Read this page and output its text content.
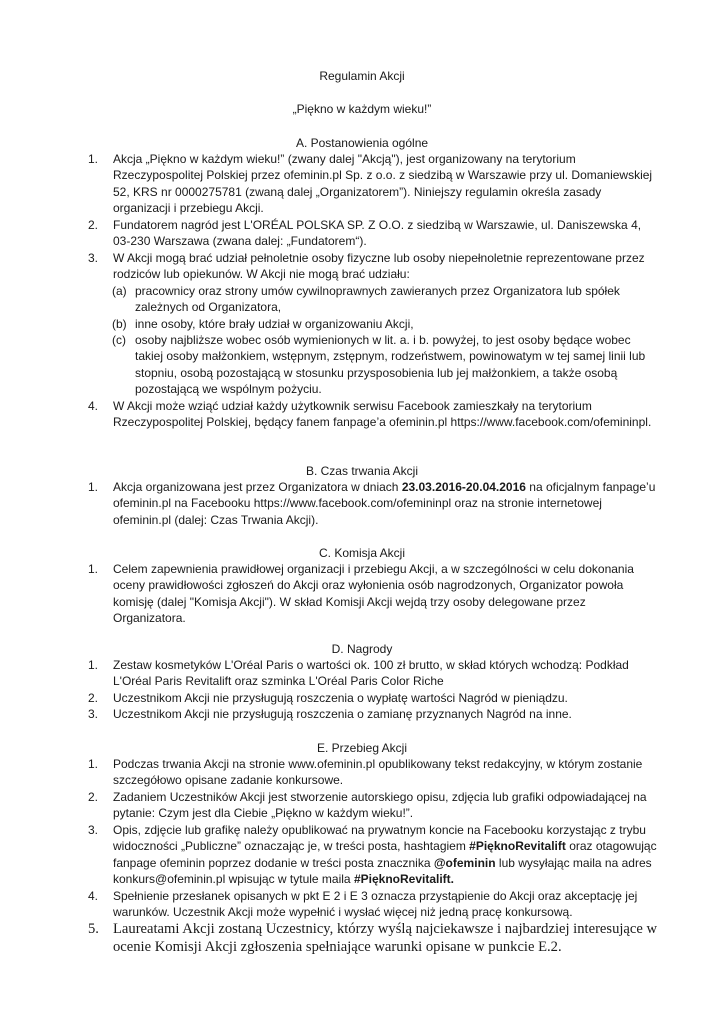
Regulamin Akcji

„Piękno w każdym wieku!”

A. Postanowienia ogólne

1. Akcja „Piękno w każdym wieku!” (zwany dalej "Akcją"), jest organizowany na terytorium Rzeczypospolitej Polskiej przez ofeminin.pl Sp. z o.o. z siedzibą w Warszawie przy ul. Domaniewskiej 52, KRS nr 0000275781 (zwaną dalej „Organizatorem”). Niniejszy regulamin określa zasady organizacji i przebiegu Akcji.
2. Fundatorem nagród jest L'ORÉAL POLSKA SP. Z O.O. z siedzibą w Warszawie, ul. Daniszewska 4, 03-230 Warszawa (zwana dalej: „Fundatorem“).
3. W Akcji mogą brać udział pełnoletnie osoby fizyczne lub osoby niepełnoletnie reprezentowane przez rodziców lub opiekunów. W Akcji nie mogą brać udziału:
(a) pracownicy oraz strony umów cywilnoprawnych zawieranych przez Organizatora lub spółek zależnych od Organizatora,
(b) inne osoby, które brały udział w organizowaniu Akcji,
(c) osoby najbliższe wobec osób wymienionych w lit. a. i b. powyżej, to jest osoby będące wobec takiej osoby małżonkiem, wstępnym, zstępnym, rodzeństwem, powinowatym w tej samej linii lub stopniu, osobą pozostającą w stosunku przysposobienia lub jej małżonkiem, a także osobą pozostającą we wspólnym pożyciu.
4. W Akcji może wziąć udział każdy użytkownik serwisu Facebook zamieszkały na terytorium Rzeczypospolitej Polskiej, będący fanem fanpage’a ofeminin.pl https://www.facebook.com/ofemininpl.

B. Czas trwania Akcji

1. Akcja organizowana jest przez Organizatora w dniach 23.03.2016-20.04.2016 na oficjalnym fanpage’u ofeminin.pl na Facebooku https://www.facebook.com/ofemininpl oraz na stronie internetowej ofeminin.pl (dalej: Czas Trwania Akcji).

C. Komisja Akcji

1. Celem zapewnienia prawidłowej organizacji i przebiegu Akcji, a w szczególności w celu dokonania oceny prawidłowości zgłoszeń do Akcji oraz wyłonienia osób nagrodzonych, Organizator powoła komisję (dalej "Komisja Akcji"). W skład Komisji Akcji wejdą trzy osoby delegowane przez Organizatora.

D. Nagrody

1. Zestaw kosmetyków L'Oréal Paris o wartości ok. 100 zł brutto, w skład których wchodzą: Podkład L'Oréal Paris Revitalift oraz szminka L'Oréal Paris Color Riche
2. Uczestnikom Akcji nie przysługują roszczenia o wypłatę wartości Nagród w pieniądzu.
3. Uczestnikom Akcji nie przysługują roszczenia o zamianę przyznanych Nagród na inne.

E. Przebieg Akcji

1. Podczas trwania Akcji na stronie www.ofeminin.pl opublikowany tekst redakcyjny, w którym zostanie szczegółowo opisane zadanie konkursowe.
2. Zadaniem Uczestników Akcji jest stworzenie autorskiego opisu, zdjęcia lub grafiki odpowiadającej na pytanie: Czym jest dla Ciebie „Piękno w każdym wieku!”.
3. Opis, zdjęcie lub grafikę należy opublikować na prywatnym koncie na Facebooku korzystając z trybu widoczności „Publiczne” oznaczając je, w treści posta, hashtagiem #PięknoRevitalift oraz otagowując fanpage ofeminin poprzez dodanie w treści posta znacznika @ofeminin lub wysyłając maila na adres konkurs@ofeminin.pl wpisując w tytule maila #PięknoRevitalift.
4. Spełnienie przesłanek opisanych w pkt E 2 i E 3 oznacza przystąpienie do Akcji oraz akceptację jej warunków. Uczestnik Akcji może wypełnić i wysłać więcej niż jedną pracę konkursową.
5. Laureatami Akcji zostaną Uczestnicy, którzy wyślą najciekawsze i najbardziej interesujące w ocenie Komisji Akcji zgłoszenia spełniające warunki opisane w punkcie E.2.
